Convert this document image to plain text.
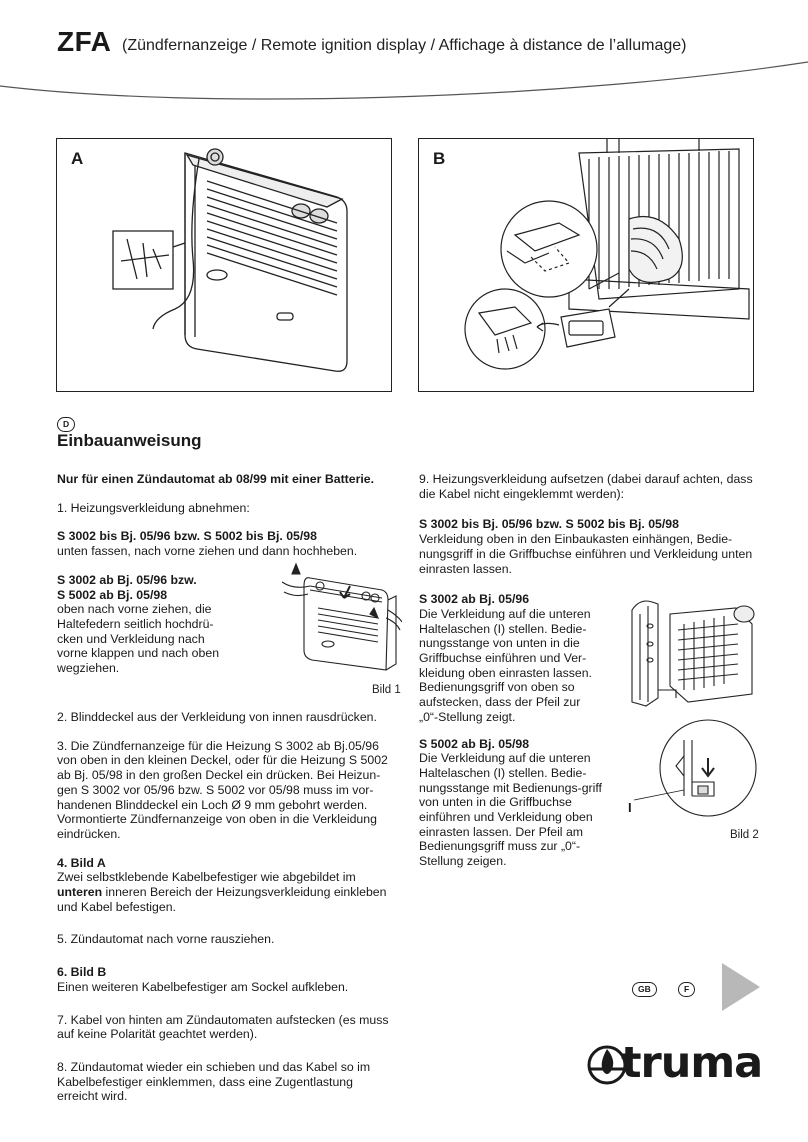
ZFA (Zündfernanzeige / Remote ignition display / Affichage à distance de l’allumage)
A	B
D
Einbauanweisung

Nur für einen Zündautomat ab 08/99 mit einer Batterie.

1. Heizungsverkleidung abnehmen:

S 3002 bis Bj. 05/96 bzw. S 5002 bis Bj. 05/98
unten fassen, nach vorne ziehen und dann hochheben.

S 3002 ab Bj. 05/96 bzw.
S 5002 ab Bj. 05/98
oben nach vorne ziehen, die Haltefedern seitlich hochdrü-cken und Verkleidung nach vorne klappen und nach oben wegziehen.
Bild 1

2. Blinddeckel aus der Verkleidung von innen rausdrücken.

3. Die Zündfernanzeige für die Heizung S 3002 ab Bj.05/96 von oben in den kleinen Deckel, oder für die Heizung S 5002 ab Bj. 05/98 in den großen Deckel ein drücken. Bei Heizun-gen S 3002 vor 05/96 bzw. S 5002 vor 05/98 muss im vor-handenen Blinddeckel ein Loch Ø 9 mm gebohrt werden. Vormontierte Zündfernanzeige von oben in die Verkleidung eindrücken.

4. Bild A
Zwei selbstklebende Kabelbefestiger wie abgebildet im unteren inneren Bereich der Heizungsverkleidung einkleben und Kabel befestigen.

5. Zündautomat nach vorne rausziehen.

6. Bild B
Einen weiteren Kabelbefestiger am Sockel aufkleben.

7. Kabel von hinten am Zündautomaten aufstecken (es muss auf keine Polarität geachtet werden).

8. Zündautomat wieder ein schieben und das Kabel so im Kabelbefestiger einklemmen, dass eine Zugentlastung erreicht wird.

9. Heizungsverkleidung aufsetzen (dabei darauf achten, dass die Kabel nicht eingeklemmt werden):

S 3002 bis Bj. 05/96 bzw. S 5002 bis Bj. 05/98
Verkleidung oben in den Einbaukasten einhängen, Bedie-nungsgriff in die Griffbuchse einführen und Verkleidung unten einrasten lassen.

S 3002 ab Bj. 05/96
Die Verkleidung auf die unteren Haltelaschen (I) stellen. Bedie-nungsstange von unten in die Griffbuchse einführen und Ver-kleidung oben einrasten lassen. Bedienungsgriff von oben so aufstecken, dass der Pfeil zur „0“-Stellung zeigt.
S 5002 ab Bj. 05/98
Die Verkleidung auf die unteren Haltelaschen (I) stellen. Bedie-nungsstange mit Bedienungs-griff von unten in die Griffbuchse einführen und Verkleidung oben einrasten lassen. Der Pfeil am Bedienungsgriff muss zur „0“-Stellung zeigen.
I
Bild 2
GB	F
truma
